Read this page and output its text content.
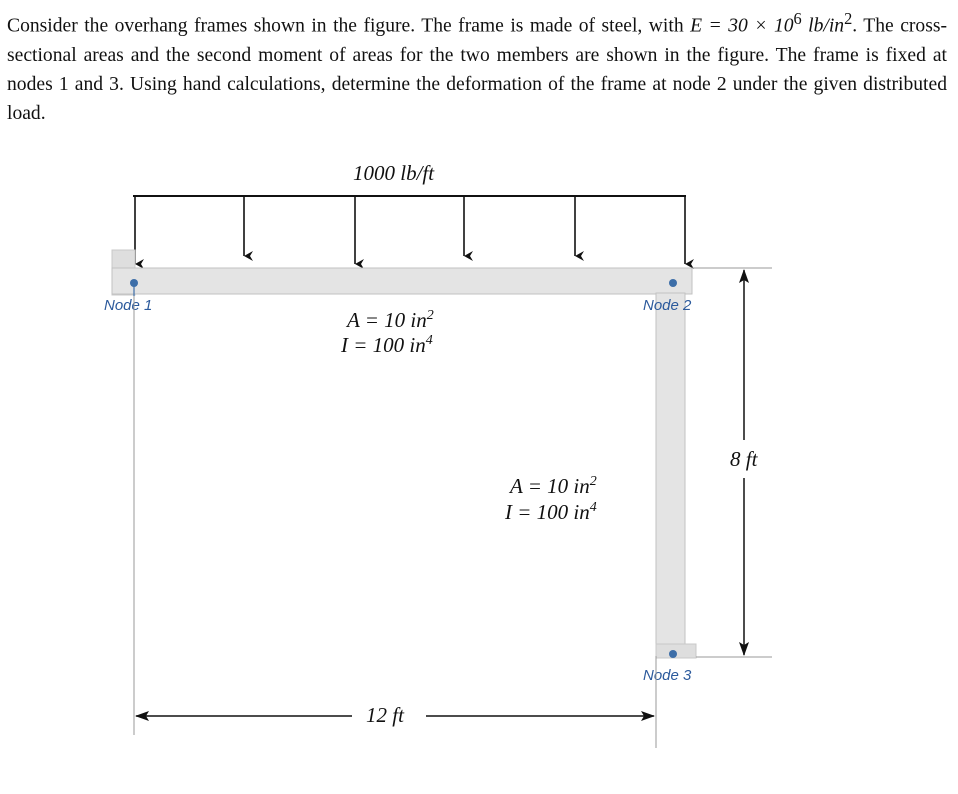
Consider the overhang frames shown in the figure. The frame is made of steel, with $E = 30 \times 10^6$ $lb/in^2$. The cross-sectional areas and the second moment of areas for the two members are shown in the figure. The frame is fixed at nodes 1 and 3. Using hand calculations, determine the deformation of the frame at node 2 under the given distributed load.
1000 lb/ft
Node 1	Node 2
Node 3
A = 10 $in^2$
I = 100 $in^4$
A = 10 $in^2$
I = 100 $in^4$
12 ft
8 ft
